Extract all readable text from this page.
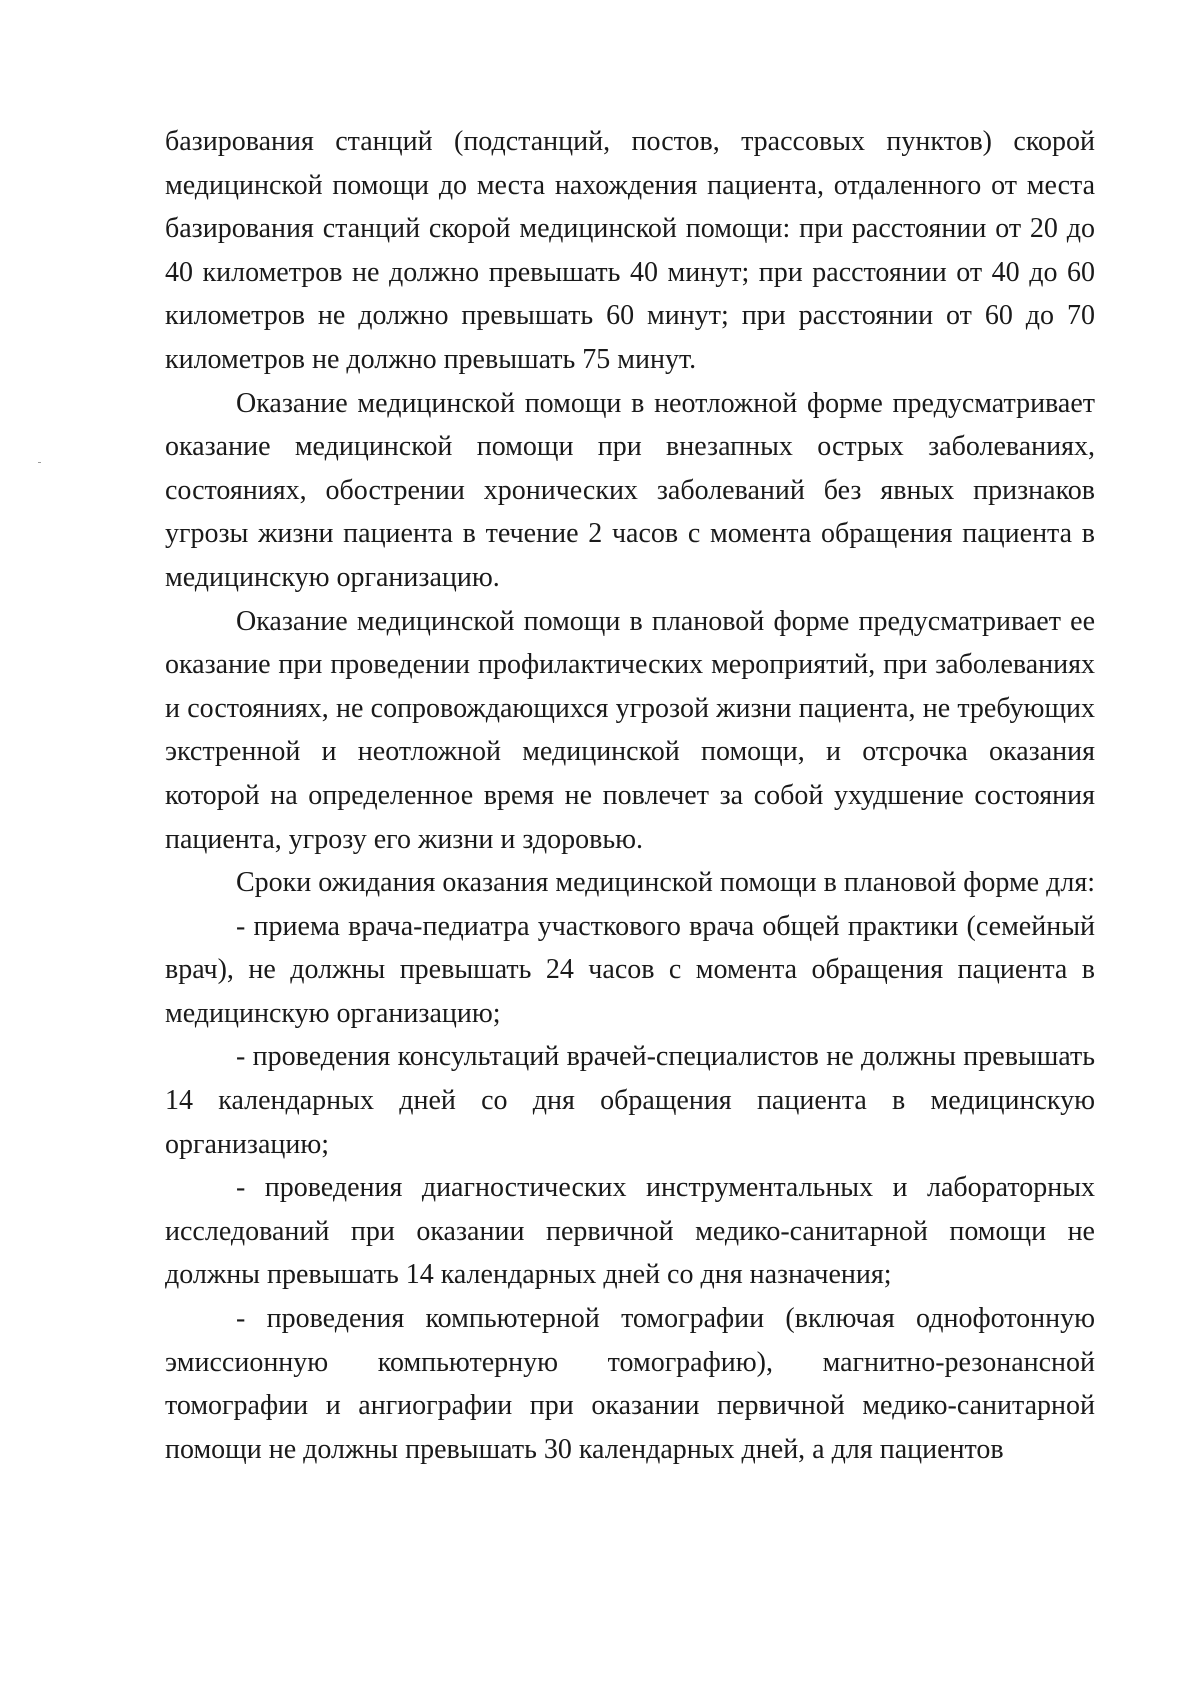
базирования станций (подстанций, постов, трассовых пунктов) скорой медицинской помощи до места нахождения пациента, отдаленного от места базирования станций скорой медицинской помощи: при расстоянии от 20 до 40 километров не должно превышать 40 минут; при расстоянии от 40 до 60 километров не должно превышать 60 минут; при расстоянии от 60 до 70 километров не должно превышать 75 минут.

Оказание медицинской помощи в неотложной форме предусматривает оказание медицинской помощи при внезапных острых заболеваниях, состояниях, обострении хронических заболеваний без явных признаков угрозы жизни пациента в течение 2 часов с момента обращения пациента в медицинскую организацию.

Оказание медицинской помощи в плановой форме предусматривает ее оказание при проведении профилактических мероприятий, при заболеваниях и состояниях, не сопровождающихся угрозой жизни пациента, не требующих экстренной и неотложной медицинской помощи, и отсрочка оказания которой на определенное время не повлечет за собой ухудшение состояния пациента, угрозу его жизни и здоровью.

Сроки ожидания оказания медицинской помощи в плановой форме для:

- приема врача-педиатра участкового врача общей практики (семейный врач), не должны превышать 24 часов с момента обращения пациента в медицинскую организацию;

- проведения консультаций врачей-специалистов не должны превышать 14 календарных дней со дня обращения пациента в медицинскую организацию;

- проведения диагностических инструментальных и лабораторных исследований при оказании первичной медико-санитарной помощи не должны превышать 14 календарных дней со дня назначения;

- проведения компьютерной томографии (включая однофотонную эмиссионную компьютерную томографию), магнитно-резонансной томографии и ангиографии при оказании первичной медико-санитарной помощи не должны превышать 30 календарных дней, а для пациентов
